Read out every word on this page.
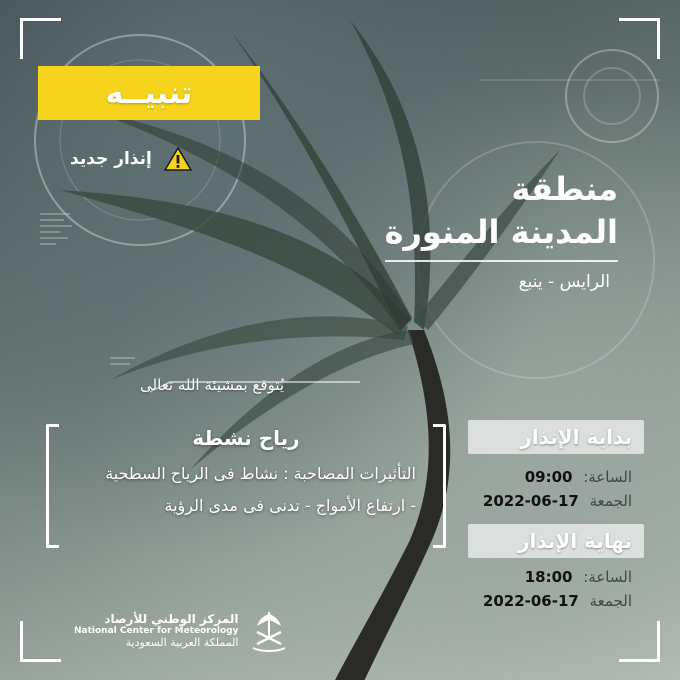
تنبيــه
إنذار جديد
منطقة
المدينة المنورة
الرايس - ينبع
يُتوقع بمشيئة الله تعالى
رياح نشطة
التأثيرات المصاحبة : نشاط فى الرياح السطحية
- ارتفاع الأمواج - تدنى فى مدى الرؤية
بداية الإنذار
الساعة: 09:00
الجمعة 2022-06-17
نهاية الإنذار
الساعة: 18:00
الجمعة 2022-06-17
المركز الوطني للأرصاد
National Center for Meteorology
المملكة العربية السعودية
